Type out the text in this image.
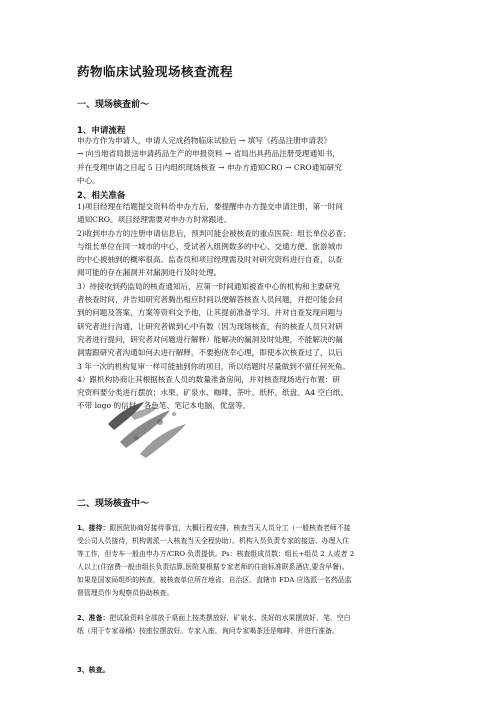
药物临床试验现场核查流程
一、现场核查前～
1、申请流程
申办方作为申请人，申请人完成药物临床试验后 → 填写《药品注册申请表》
→ 向当地省局报送申请药品生产的申报资料 → 省局出具药品注册受理通知书，
并在受理申请之日起 5 日内组织现场核查 → 申办方通知CRO → CRO通知研究
中心。
2、相关准备
1)项目经理在结题提交资料给申办方后，要提醒申办方提交申请注册，第一时间
通知CRO。项目经理需要对申办方时常跟进。
2)收到申办方的注册申请信息后，预判可能会被核查的重点医院：组长单位必查；
与组长单位在同一城市的中心、受试者入组例数多的中心、交通方便、旅游城市
的中心被抽到的概率很高。监查员和项目经理需及时对研究资料进行自查，以查
阅可能的存在漏洞并对漏洞进行及时处理。
3）待接收到药监局的核查通知后，应第一时间通知被查中心的机构和主要研究
者核查时间，并告知研究者腾出相应时间以便解答核查人员问题，并把可能会问
到的问题及答案、方案等资料交予他，让其提前准备学习。并对自查发现问题与
研究者进行沟通，让研究者做到心中有数（因为现场核查，有的核查人员只对研
究者进行提问，研究者对问题进行解释）能解决的漏洞及时处理，不能解决的漏
洞需跟研究者沟通如何去进行解释，不要抱侥幸心理，即使本次核查过了，以后
3 年一次的机构复审一样可能抽到你的项目，所以结题时尽量做到不留任何死角。
4）跟机构协商让其根据核查人员的数量准备房间，并对核查现场进行布置：研
究资料要分类进行摆放；水果、矿泉水、咖啡、茶叶、纸杯、纸盘、A4 空白纸、
不带 logo 的信封，各色笔、笔记本电脑、优盘等。
二、现场核查中～
1、接待：跟医院协商好接待事宜，大概行程安排，核查当天人员分工（一般核查老师不接
受公司人员接待，机构需派一人核查当天全程协助）。机构人员负责专家的接送、办理入住
等工作，但专车一般由申办方/CRO 负责提供。Ps：核查组成员数：组长+组员 2 人或者 2
人以上(住宿费一般由组长负责结算,医院要根据专家老师的住宿标准联系酒店,要含早餐)。
如果是国家局组织的核查，被核查单位所在地省、自治区、直辖市 FDA 应选派一名药品监
督管理员作为观察员协助核查。
2、准备：把试验资料全部放于桌面上按类摆放好，矿泉水、洗好的水果摆放好，笔、空白
纸（用于专家尋稿）按座位摆放好。专家入座，询问专家喝茶还是咖啡，并进行准备。

3、核查。
